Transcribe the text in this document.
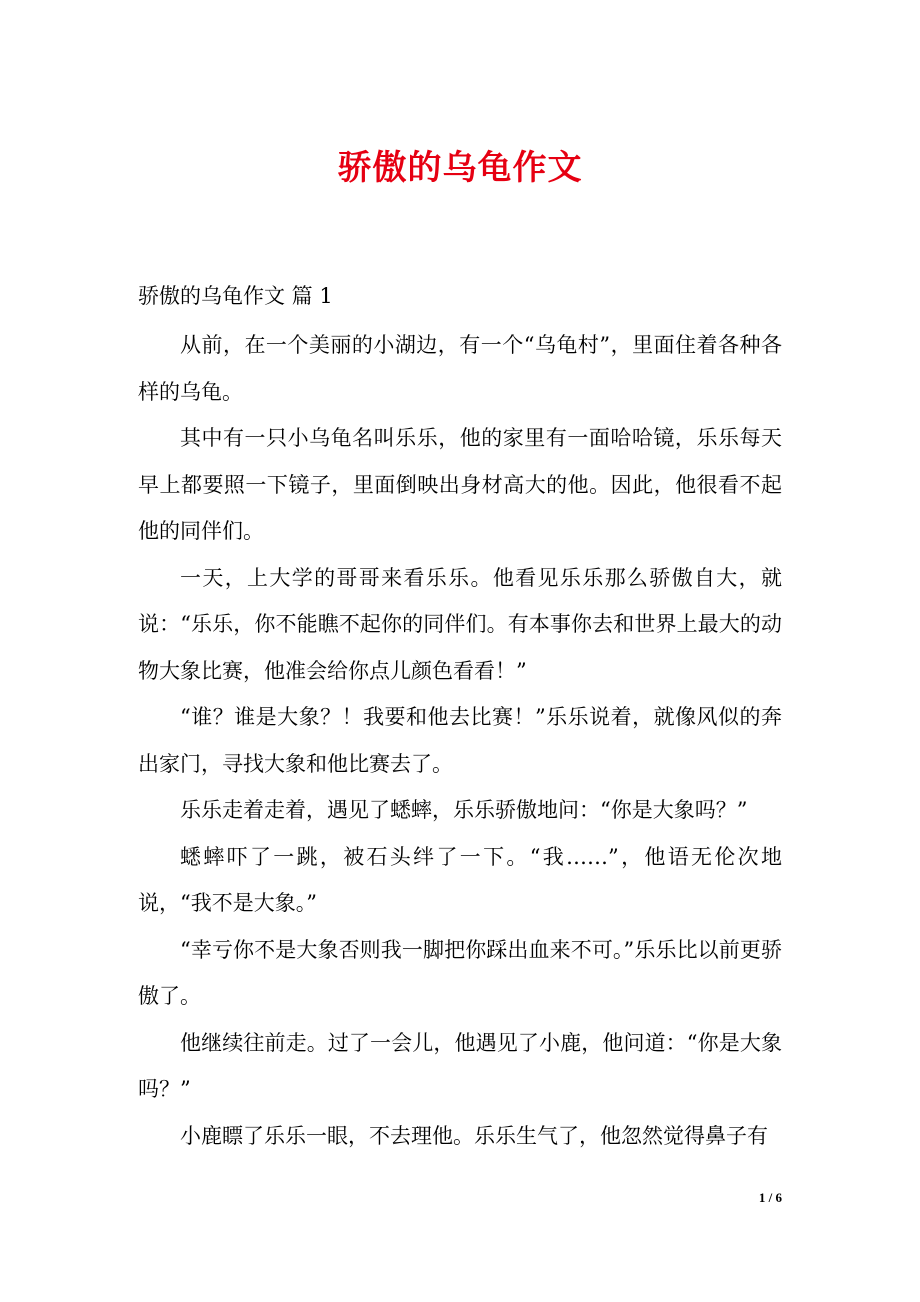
骄傲的乌龟作文

骄傲的乌龟作文 篇 1

从前，在一个美丽的小湖边，有一个“乌龟村”，里面住着各种各样的乌龟。

其中有一只小乌龟名叫乐乐，他的家里有一面哈哈镜，乐乐每天早上都要照一下镜子，里面倒映出身材高大的他。因此，他很看不起他的同伴们。

一天，上大学的哥哥来看乐乐。他看见乐乐那么骄傲自大，就说：“乐乐，你不能瞧不起你的同伴们。有本事你去和世界上最大的动物大象比赛，他准会给你点儿颜色看看！”

“谁？谁是大象？！我要和他去比赛！”乐乐说着，就像风似的奔出家门，寻找大象和他比赛去了。

乐乐走着走着，遇见了蟋蟀，乐乐骄傲地问：“你是大象吗？”

蟋蟀吓了一跳，被石头绊了一下。“我……”，他语无伦次地说，“我不是大象。”

“幸亏你不是大象否则我一脚把你踩出血来不可。”乐乐比以前更骄傲了。

他继续往前走。过了一会儿，他遇见了小鹿，他问道：“你是大象吗？”

小鹿瞟了乐乐一眼，不去理他。乐乐生气了，他忽然觉得鼻子有

1 / 6
